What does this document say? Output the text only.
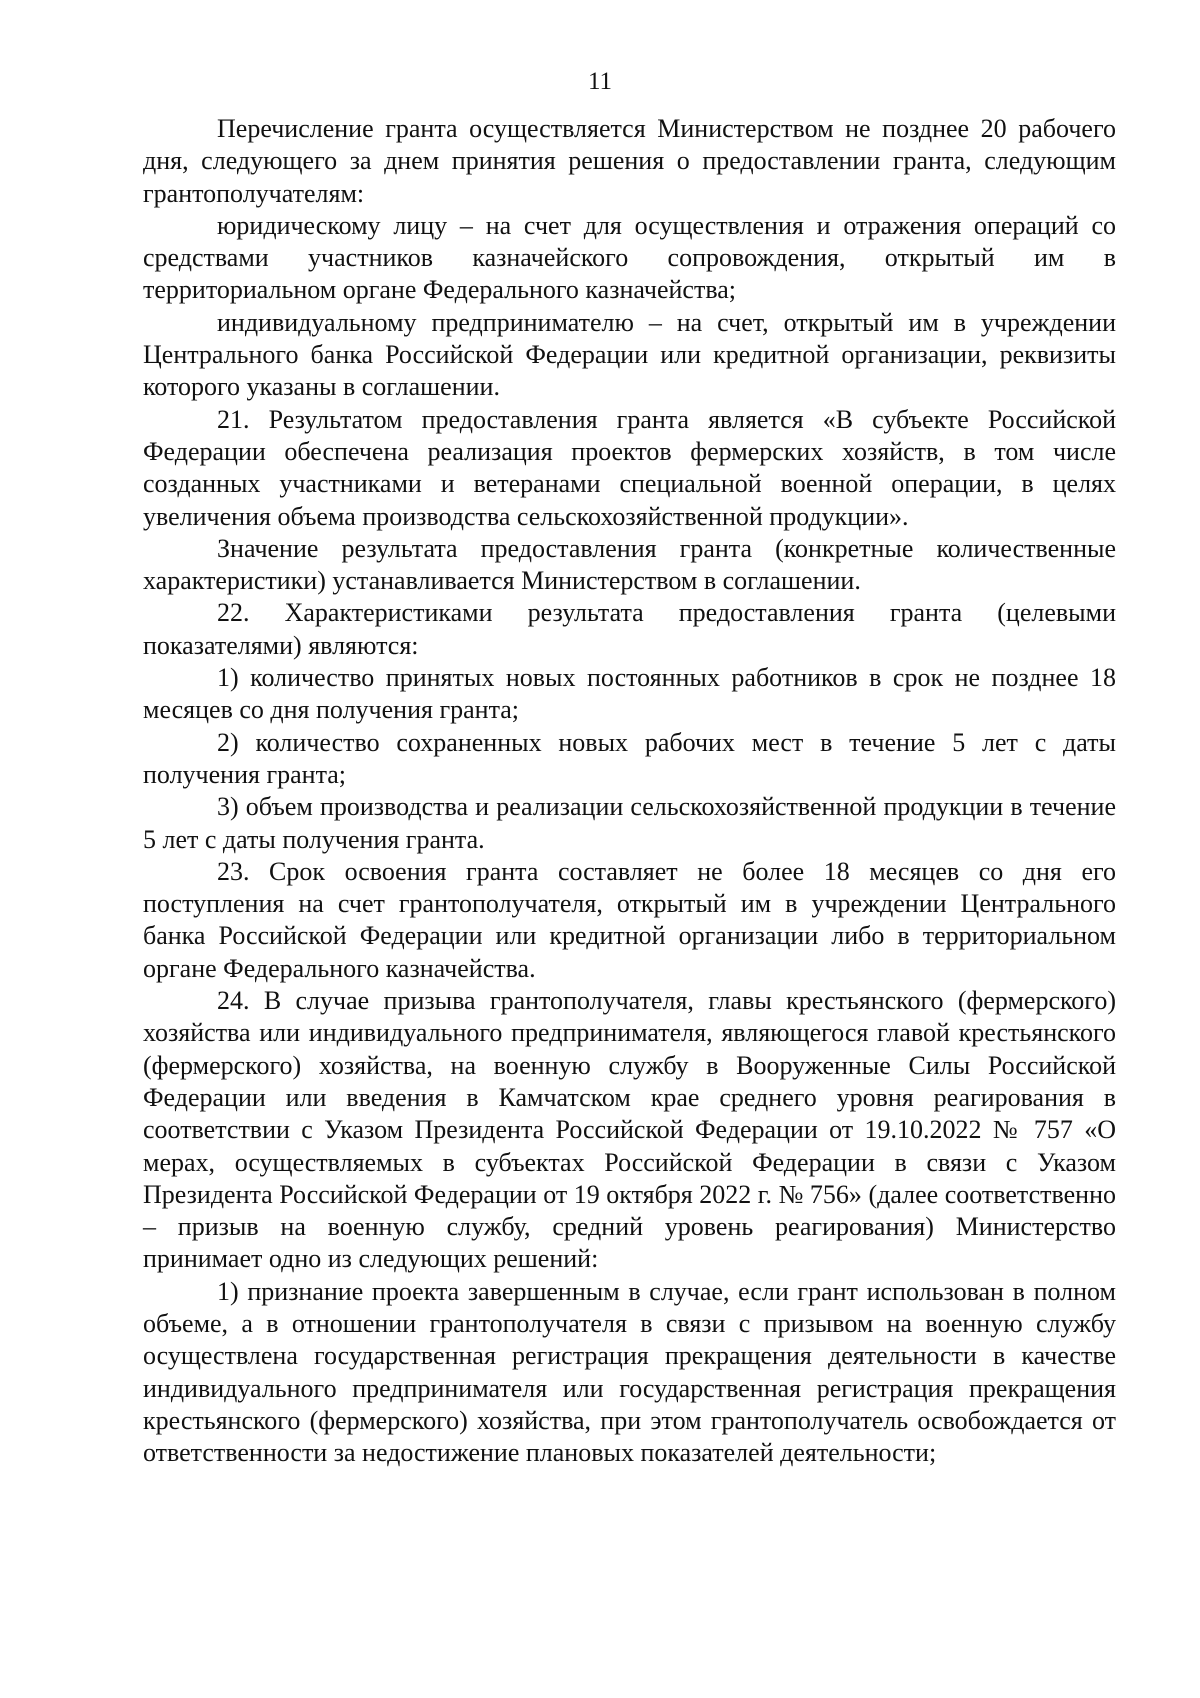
11

Перечисление гранта осуществляется Министерством не позднее 20 рабочего дня, следующего за днем принятия решения о предоставлении гранта, следующим грантополучателям:

юридическому лицу – на счет для осуществления и отражения операций со средствами участников казначейского сопровождения, открытый им в территориальном органе Федерального казначейства;

индивидуальному предпринимателю – на счет, открытый им в учреждении Центрального банка Российской Федерации или кредитной организации, реквизиты которого указаны в соглашении.

21. Результатом предоставления гранта является «В субъекте Российской Федерации обеспечена реализация проектов фермерских хозяйств, в том числе созданных участниками и ветеранами специальной военной операции, в целях увеличения объема производства сельскохозяйственной продукции».

Значение результата предоставления гранта (конкретные количественные характеристики) устанавливается Министерством в соглашении.

22. Характеристиками результата предоставления гранта (целевыми показателями) являются:

1) количество принятых новых постоянных работников в срок не позднее 18 месяцев со дня получения гранта;

2) количество сохраненных новых рабочих мест в течение 5 лет с даты получения гранта;

3) объем производства и реализации сельскохозяйственной продукции в течение 5 лет с даты получения гранта.

23. Срок освоения гранта составляет не более 18 месяцев со дня его поступления на счет грантополучателя, открытый им в учреждении Центрального банка Российской Федерации или кредитной организации либо в территориальном органе Федерального казначейства.

24. В случае призыва грантополучателя, главы крестьянского (фермерского) хозяйства или индивидуального предпринимателя, являющегося главой крестьянского (фермерского) хозяйства, на военную службу в Вооруженные Силы Российской Федерации или введения в Камчатском крае среднего уровня реагирования в соответствии с Указом Президента Российской Федерации от 19.10.2022 № 757 «О мерах, осуществляемых в субъектах Российской Федерации в связи с Указом Президента Российской Федерации от 19 октября 2022 г. № 756» (далее соответственно – призыв на военную службу, средний уровень реагирования) Министерство принимает одно из следующих решений:

1) признание проекта завершенным в случае, если грант использован в полном объеме, а в отношении грантополучателя в связи с призывом на военную службу осуществлена государственная регистрация прекращения деятельности в качестве индивидуального предпринимателя или государственная регистрация прекращения крестьянского (фермерского) хозяйства, при этом грантополучатель освобождается от ответственности за недостижение плановых показателей деятельности;
